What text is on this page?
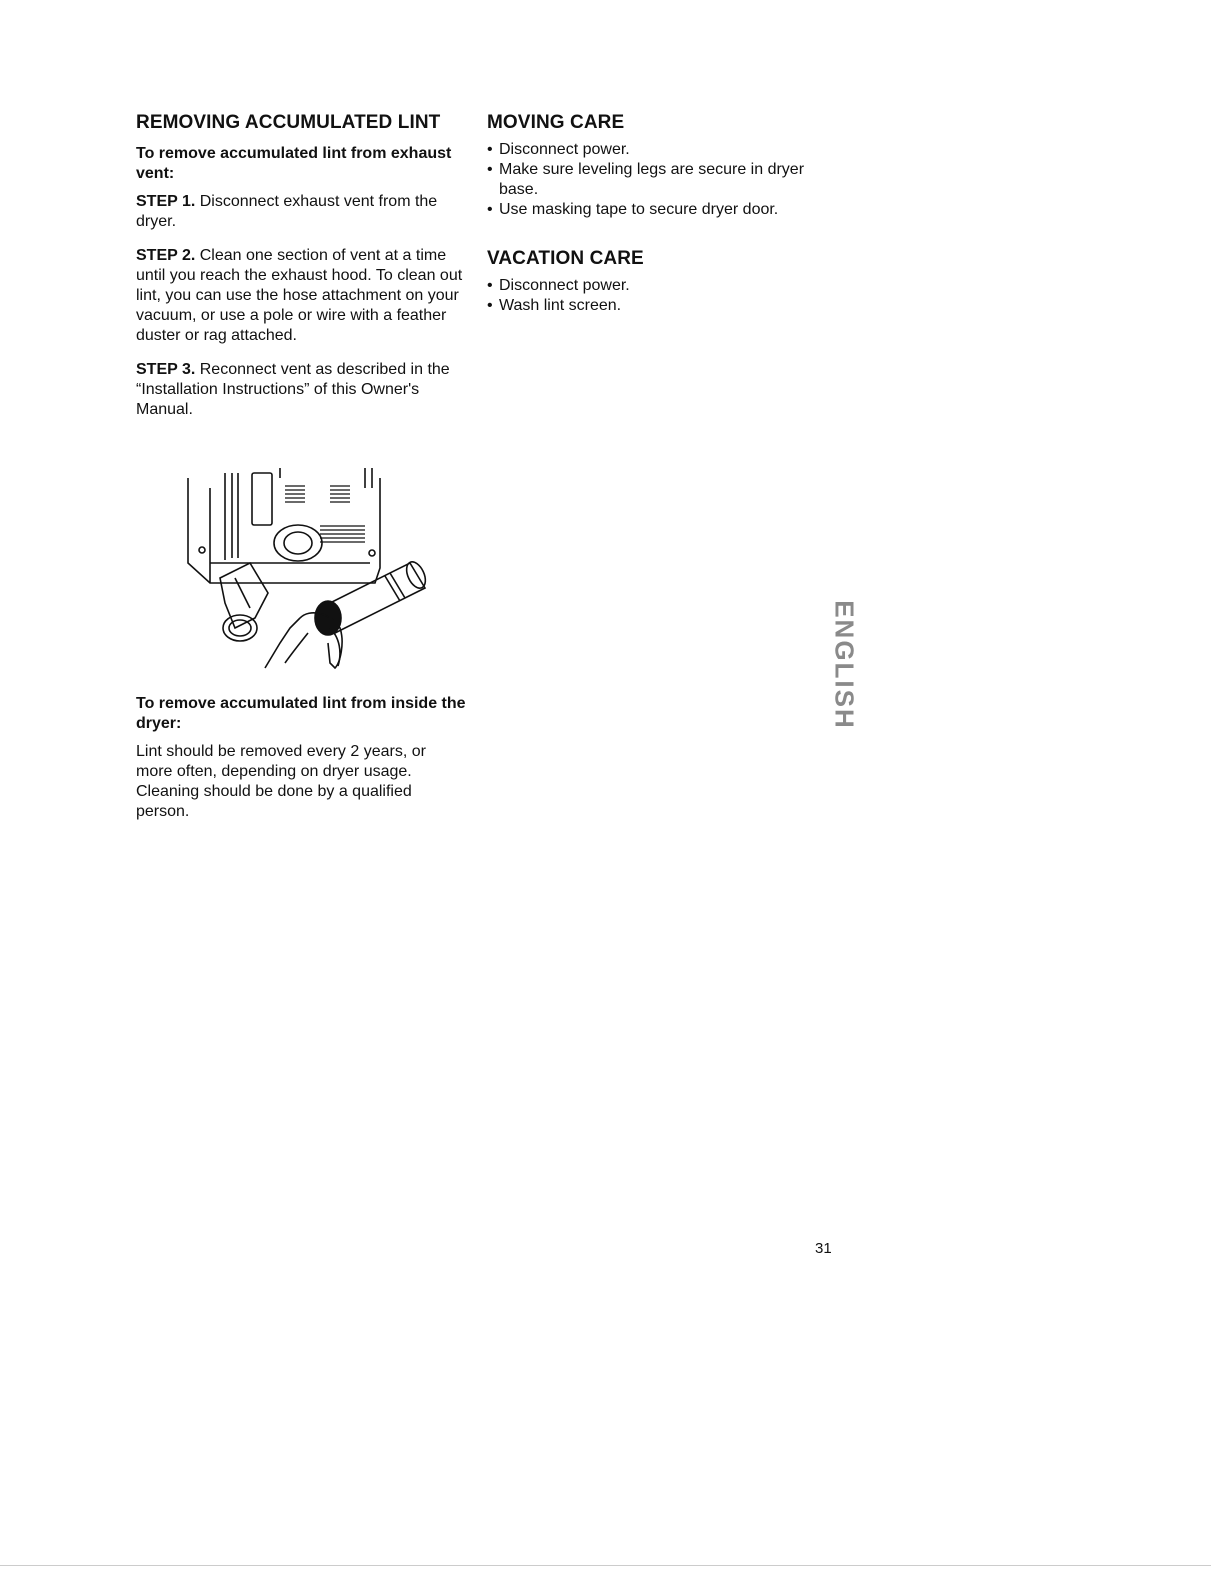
REMOVING ACCUMULATED LINT
To remove accumulated lint from exhaust vent:

STEP 1. Disconnect exhaust vent from the dryer.

STEP 2. Clean one section of vent at a time until you reach the exhaust hood. To clean out lint, you can use the hose attachment on your vacuum, or use a pole or wire with a feather duster or rag attached.

STEP 3. Reconnect vent as described in the “Installation Instructions” of this Owner's Manual.

To remove accumulated lint from inside the dryer:

Lint should be removed every 2 years, or more often, depending on dryer usage. Cleaning should be done by a qualified person.

MOVING CARE
• Disconnect power.
• Make sure leveling legs are secure in dryer base.
• Use masking tape to secure dryer door.
VACATION CARE
• Disconnect power.
• Wash lint screen.
ENGLISH
31
